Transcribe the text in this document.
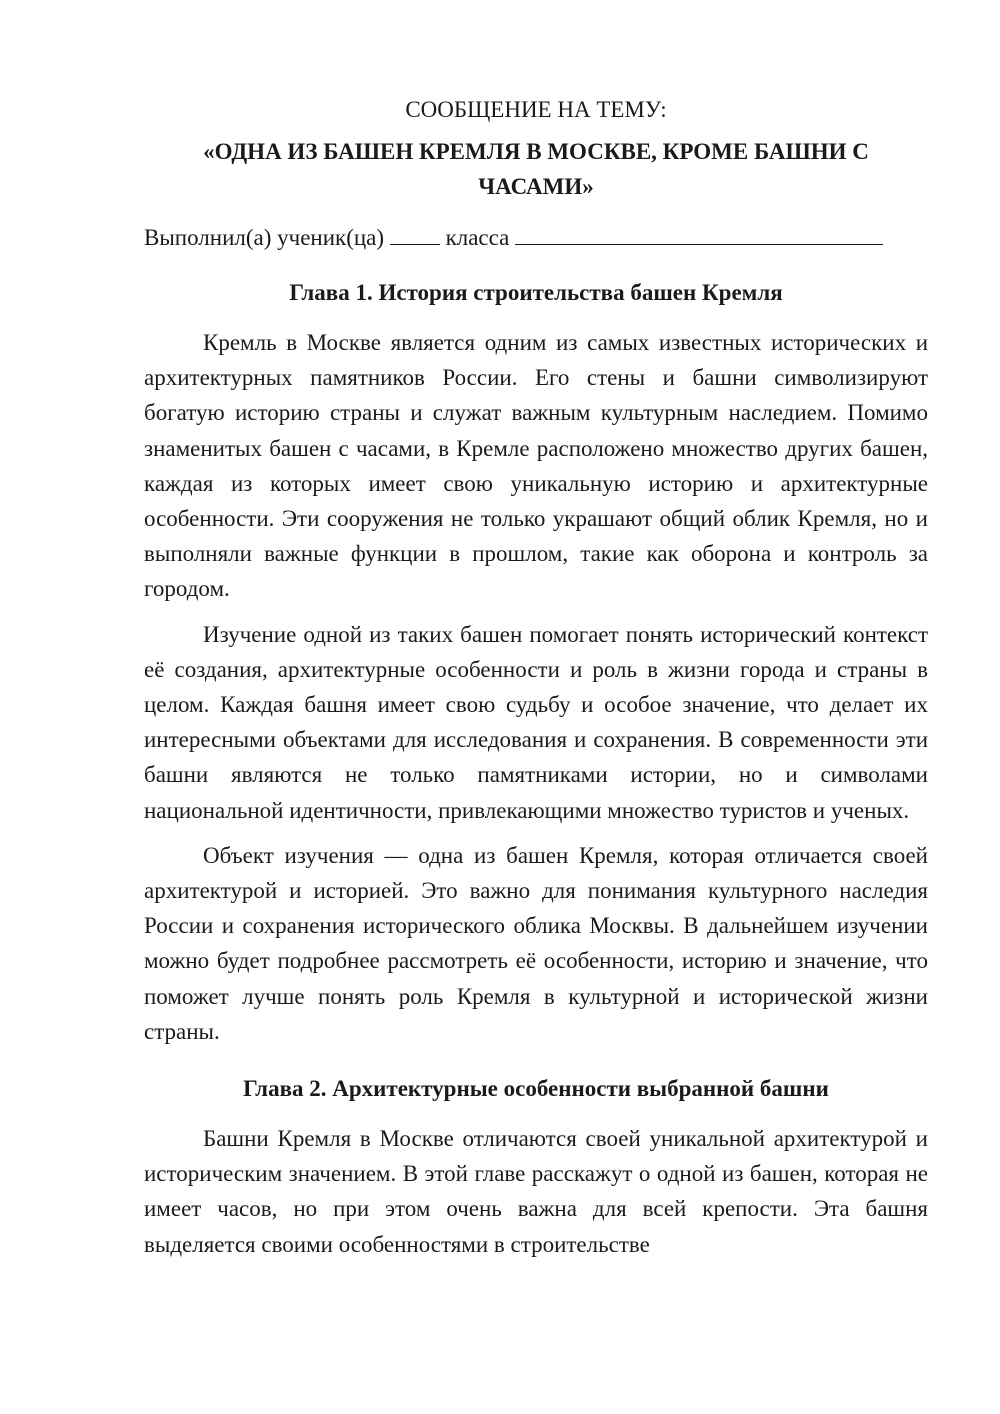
СООБЩЕНИЕ НА ТЕМУ:

«ОДНА ИЗ БАШЕН КРЕМЛЯ В МОСКВЕ, КРОМЕ БАШНИ С ЧАСАМИ»

Выполнил(а) ученик(ца)	класса

Глава 1. История строительства башен Кремля

Кремль в Москве является одним из самых известных исторических и архитектурных памятников России. Его стены и башни символизируют богатую историю страны и служат важным культурным наследием. Помимо знаменитых башен с часами, в Кремле расположено множество других башен, каждая из которых имеет свою уникальную историю и архитектурные особенности. Эти сооружения не только украшают общий облик Кремля, но и выполняли важные функции в прошлом, такие как оборона и контроль за городом.

Изучение одной из таких башен помогает понять исторический контекст её создания, архитектурные особенности и роль в жизни города и страны в целом. Каждая башня имеет свою судьбу и особое значение, что делает их интересными объектами для исследования и сохранения. В современности эти башни являются не только памятниками истории, но и символами национальной идентичности, привлекающими множество туристов и ученых.

Объект изучения — одна из башен Кремля, которая отличается своей архитектурой и историей. Это важно для понимания культурного наследия России и сохранения исторического облика Москвы. В дальнейшем изучении можно будет подробнее рассмотреть её особенности, историю и значение, что поможет лучше понять роль Кремля в культурной и исторической жизни страны.

Глава 2. Архитектурные особенности выбранной башни

Башни Кремля в Москве отличаются своей уникальной архитектурой и историческим значением. В этой главе расскажут о одной из башен, которая не имеет часов, но при этом очень важна для всей крепости. Эта башня выделяется своими особенностями в строительстве
